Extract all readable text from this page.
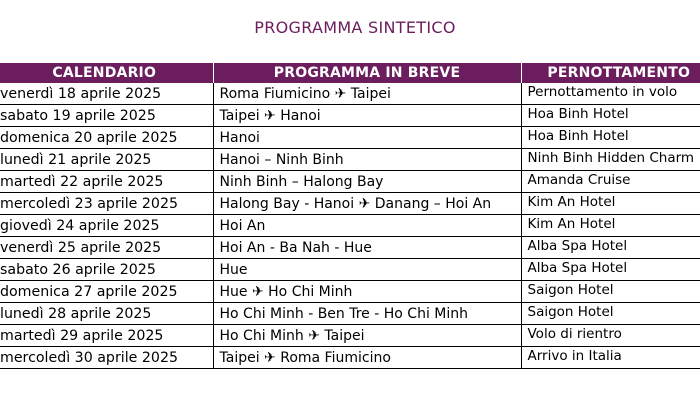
PROGRAMMA SINTETICO
CALENDARIO	PROGRAMMA IN BREVE	PERNOTTAMENTO
venerdì 18 aprile 2025	Roma Fiumicino ✈ Taipei	Pernottamento in volo
sabato 19 aprile 2025	Taipei ✈ Hanoi	Hoa Binh Hotel
domenica 20 aprile 2025	Hanoi	Hoa Binh Hotel
lunedì 21 aprile 2025	Hanoi – Ninh Binh	Ninh Binh Hidden Charm
martedì 22 aprile 2025	Ninh Binh – Halong Bay	Amanda Cruise
mercoledì 23 aprile 2025	Halong Bay - Hanoi ✈ Danang – Hoi An	Kim An Hotel
giovedì 24 aprile 2025	Hoi An	Kim An Hotel
venerdì 25 aprile 2025	Hoi An - Ba Nah - Hue	Alba Spa Hotel
sabato 26 aprile 2025	Hue	Alba Spa Hotel
domenica 27 aprile 2025	Hue ✈ Ho Chi Minh	Saigon Hotel
lunedì 28 aprile 2025	Ho Chi Minh - Ben Tre - Ho Chi Minh	Saigon Hotel
martedì 29 aprile 2025	Ho Chi Minh ✈ Taipei	Volo di rientro
mercoledì 30 aprile 2025	Taipei ✈ Roma Fiumicino	Arrivo in Italia
